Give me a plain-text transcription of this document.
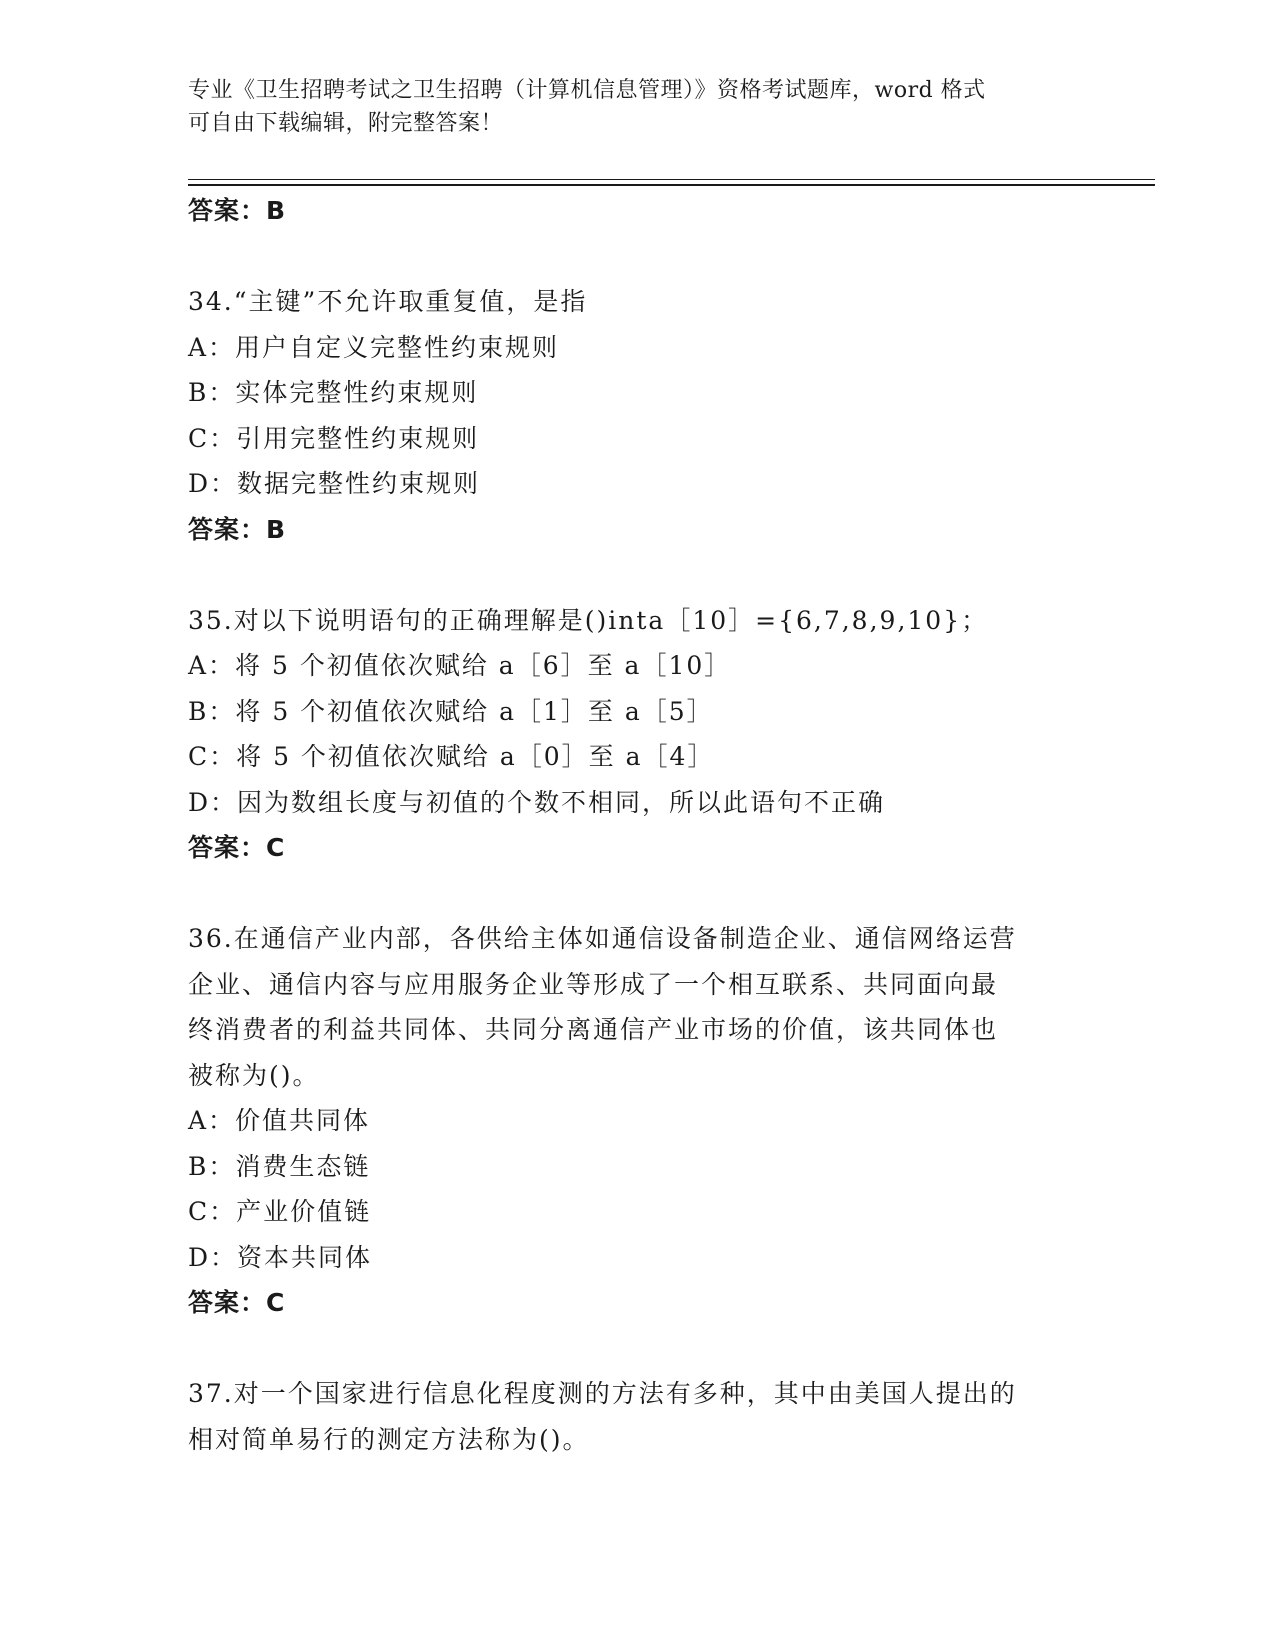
专业《卫生招聘考试之卫生招聘（计算机信息管理）》资格考试题库，word 格式
可自由下载编辑，附完整答案！
答案：B
34.“主键”不允许取重复值，是指
A：用户自定义完整性约束规则
B：实体完整性约束规则
C：引用完整性约束规则
D：数据完整性约束规则
答案：B
35.对以下说明语句的正确理解是()inta［10］={6,7,8,9,10}；
A：将 5 个初值依次赋给 a［6］至 a［10］
B：将 5 个初值依次赋给 a［1］至 a［5］
C：将 5 个初值依次赋给 a［0］至 a［4］
D：因为数组长度与初值的个数不相同，所以此语句不正确
答案：C
36.在通信产业内部，各供给主体如通信设备制造企业、通信网络运营
企业、通信内容与应用服务企业等形成了一个相互联系、共同面向最
终消费者的利益共同体、共同分离通信产业市场的价值，该共同体也
被称为()。
A：价值共同体
B：消费生态链
C：产业价值链
D：资本共同体
答案：C
37.对一个国家进行信息化程度测的方法有多种，其中由美国人提出的
相对简单易行的测定方法称为()。
